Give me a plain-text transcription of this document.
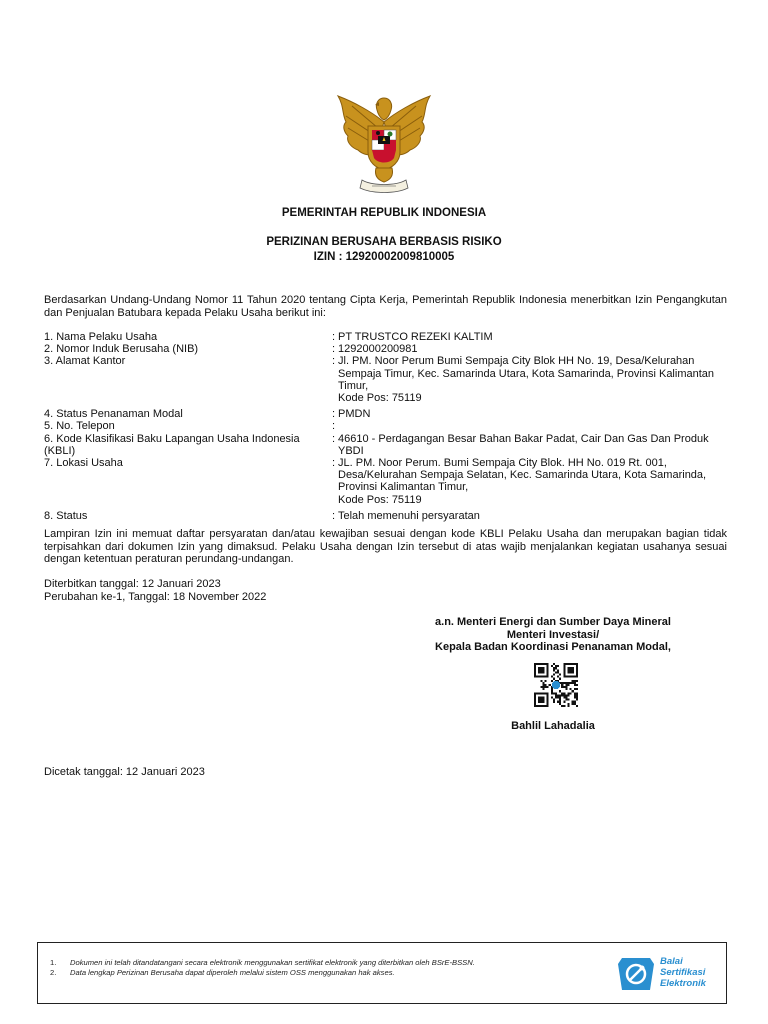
PEMERINTAH REPUBLIK INDONESIA
PERIZINAN BERUSAHA BERBASIS RISIKO
IZIN : 12920002009810005
Berdasarkan Undang-Undang Nomor 11 Tahun 2020 tentang Cipta Kerja, Pemerintah Republik Indonesia menerbitkan Izin Pengangkutan dan Penjualan Batubara kepada Pelaku Usaha berikut ini:
1. Nama Pelaku Usaha	: PT TRUSTCO REZEKI KALTIM
2. Nomor Induk Berusaha (NIB)	: 1292000200981
3. Alamat Kantor	: Jl. PM. Noor Perum Bumi Sempaja City Blok HH No. 19, Desa/Kelurahan Sempaja Timur, Kec. Samarinda Utara, Kota Samarinda, Provinsi Kalimantan Timur,
Kode Pos: 75119
4. Status Penanaman Modal	: PMDN
5. No. Telepon	:
6. Kode Klasifikasi Baku Lapangan Usaha Indonesia (KBLI)
: 46610 - Perdagangan Besar Bahan Bakar Padat, Cair Dan Gas Dan Produk YBDI
7. Lokasi Usaha	: JL. PM. Noor Perum. Bumi Sempaja City Blok. HH No. 019 Rt. 001, Desa/Kelurahan Sempaja Selatan, Kec. Samarinda Utara, Kota Samarinda, Provinsi Kalimantan Timur,
Kode Pos: 75119
8. Status	: Telah memenuhi persyaratan
Lampiran Izin ini memuat daftar persyaratan dan/atau kewajiban sesuai dengan kode KBLI Pelaku Usaha dan merupakan bagian tidak terpisahkan dari dokumen Izin yang dimaksud. Pelaku Usaha dengan Izin tersebut di atas wajib menjalankan kegiatan usahanya sesuai dengan ketentuan peraturan perundang-undangan.
Diterbitkan tanggal: 12 Januari 2023
Perubahan ke-1, Tanggal: 18 November 2022
a.n. Menteri Energi dan Sumber Daya Mineral
Menteri Investasi/
Kepala Badan Koordinasi Penanaman Modal,
Bahlil Lahadalia
Dicetak tanggal: 12 Januari 2023
1. Dokumen ini telah ditandatangani secara elektronik menggunakan sertifikat elektronik yang diterbitkan oleh BSrE-BSSN.
2. Data lengkap Perizinan Berusaha dapat diperoleh melalui sistem OSS menggunakan hak akses.
Balai
Sertifikasi
Elektronik
